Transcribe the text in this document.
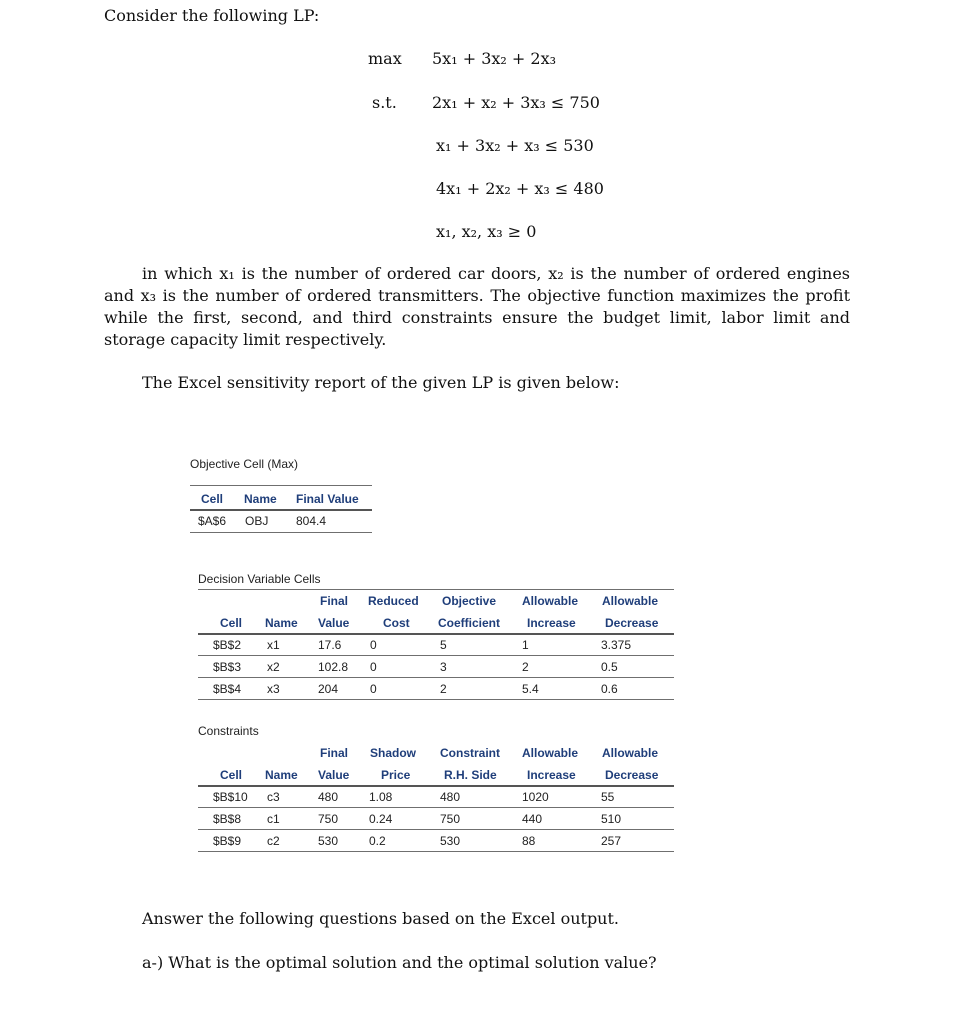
Consider the following LP:
max 5x₁ + 3x₂ + 2x₃
s.t. 2x₁ + x₂ + 3x₃ ≤ 750
x₁ + 3x₂ + x₃ ≤ 530
4x₁ + 2x₂ + x₃ ≤ 480
x₁, x₂, x₃ ≥ 0
in which x₁ is the number of ordered car doors, x₂ is the number of ordered engines and x₃ is the number of ordered transmitters. The objective function maximizes the profit while the first, second, and third constraints ensure the budget limit, labor limit and storage capacity limit respectively.
The Excel sensitivity report of the given LP is given below:
Objective Cell (Max)
Cell Name Final Value
$A$6 OBJ 804.4
Decision Variable Cells
Final Reduced Objective Allowable Allowable
Cell Name Value	Cost Coefficient Increase Decrease
$B$2 x1	17.6 0	5	1	3.375
$B$3 x2	102.8 0	3	2	0.5
$B$4 x3	204	0	2	5.4	0.6
Constraints
Final Shadow Constraint Allowable Allowable
Cell Name Value	Price	R.H. Side	Increase Decrease
$B$10 c3	480	1.08	480	1020	55
$B$8 c1	750	0.24	750	440	510
$B$9 c2	530	0.2	530	88	257
Answer the following questions based on the Excel output.
a-) What is the optimal solution and the optimal solution value?
